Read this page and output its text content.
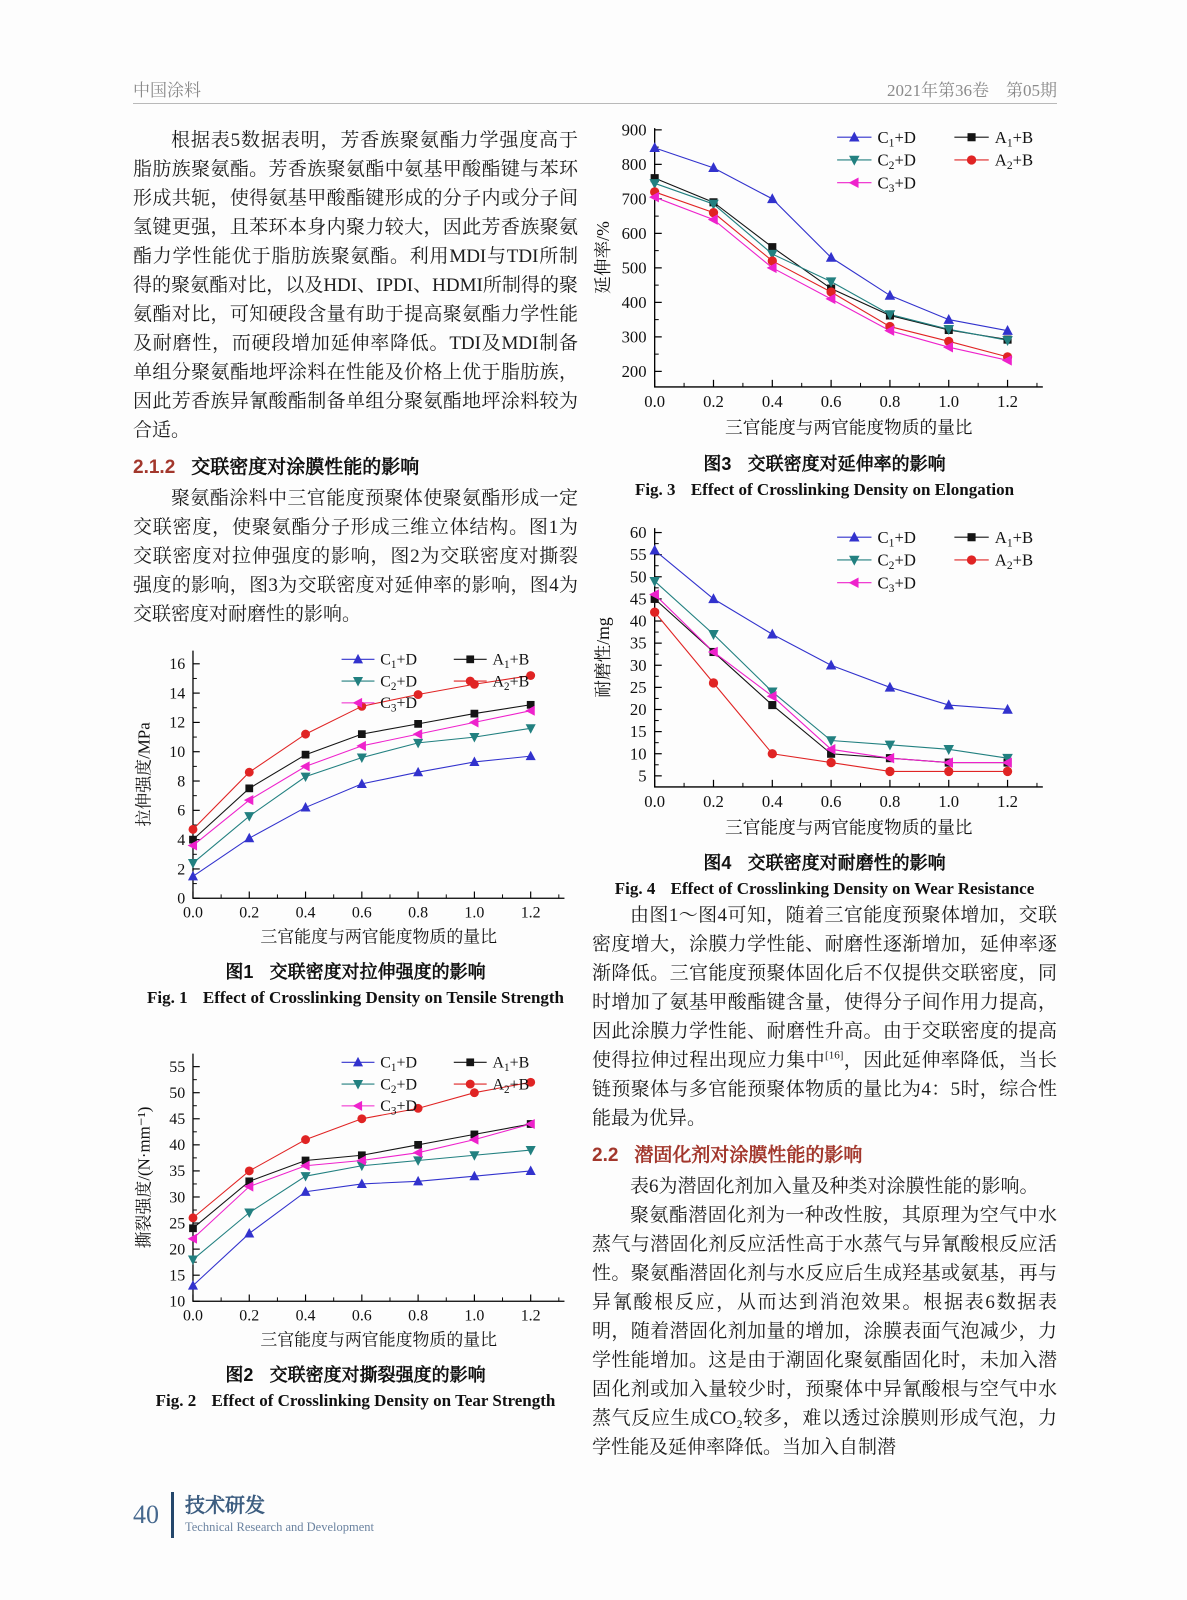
中国涂料	2021年第36卷　第05期

根据表5数据表明，芳香族聚氨酯力学强度高于脂肪族聚氨酯。芳香族聚氨酯中氨基甲酸酯键与苯环形成共轭，使得氨基甲酸酯键形成的分子内或分子间氢键更强，且苯环本身内聚力较大，因此芳香族聚氨酯力学性能优于脂肪族聚氨酯。利用MDI与TDI所制得的聚氨酯对比，以及HDI、IPDI、HDMI所制得的聚氨酯对比，可知硬段含量有助于提高聚氨酯力学性能及耐磨性，而硬段增加延伸率降低。TDI及MDI制备单组分聚氨酯地坪涂料在性能及价格上优于脂肪族，因此芳香族异氰酸酯制备单组分聚氨酯地坪涂料较为合适。

2.1.2 交联密度对涂膜性能的影响

聚氨酯涂料中三官能度预聚体使聚氨酯形成一定交联密度，使聚氨酯分子形成三维立体结构。图1为交联密度对拉伸强度的影响，图2为交联密度对撕裂强度的影响，图3为交联密度对延伸率的影响，图4为交联密度对耐磨性的影响。

0.0 0.2 0.4 0.6 0.8 1.0 1.2
0
2
4
6
8
10
12
14
16
三官能度与两官能度物质的量比
拉伸强度/MPa
$C_1+D$	$A_1+B$
$C_2+D$	$A_2+B$
$C_3+D$
图1 交联密度对拉伸强度的影响
Fig. 1 Effect of Crosslinking Density on Tensile Strength
0.0 0.2 0.4 0.6 0.8 1.0 1.2
10
15
20
25
30
35
40
45
50
55
三官能度与两官能度物质的量比
撕裂强度/(N·mm⁻¹)
$C_1+D$	$A_1+B$
$C_2+D$	$A_2+B$
$C_3+D$
图2 交联密度对撕裂强度的影响
Fig. 2 Effect of Crosslinking Density on Tear Strength
0.0 0.2 0.4 0.6 0.8 1.0 1.2
200
300
400
500
600
700
800
900
三官能度与两官能度物质的量比
延伸率/%
$C_1+D$	$A_1+B$
$C_2+D$	$A_2+B$
$C_3+D$
图3 交联密度对延伸率的影响
Fig. 3 Effect of Crosslinking Density on Elongation
0.0 0.2 0.4 0.6 0.8 1.0 1.2
5
10
15
20
25
30
35
40
45
50
55
60
三官能度与两官能度物质的量比
耐磨性/mg
$C_1+D$	$A_1+B$
$C_2+D$	$A_2+B$
$C_3+D$
图4 交联密度对耐磨性的影响
Fig. 4 Effect of Crosslinking Density on Wear Resistance

由图1～图4可知，随着三官能度预聚体增加，交联密度增大，涂膜力学性能、耐磨性逐渐增加，延伸率逐渐降低。三官能度预聚体固化后不仅提供交联密度，同时增加了氨基甲酸酯键含量，使得分子间作用力提高，因此涂膜力学性能、耐磨性升高。由于交联密度的提高使得拉伸过程出现应力集中[16]，因此延伸率降低，当长链预聚体与多官能预聚体物质的量比为4：5时，综合性能最为优异。

2.2 潜固化剂对涂膜性能的影响

表6为潜固化剂加入量及种类对涂膜性能的影响。

聚氨酯潜固化剂为一种改性胺，其原理为空气中水蒸气与潜固化剂反应活性高于水蒸气与异氰酸根反应活性。聚氨酯潜固化剂与水反应后生成羟基或氨基，再与异氰酸根反应，从而达到消泡效果。根据表6数据表明，随着潜固化剂加量的增加，涂膜表面气泡减少，力学性能增加。这是由于潮固化聚氨酯固化时，未加入潜固化剂或加入量较少时，预聚体中异氰酸根与空气中水蒸气反应生成CO₂较多，难以透过涂膜则形成气泡，力学性能及延伸率降低。当加入自制潜

40 技术研发
Technical Research and Development
